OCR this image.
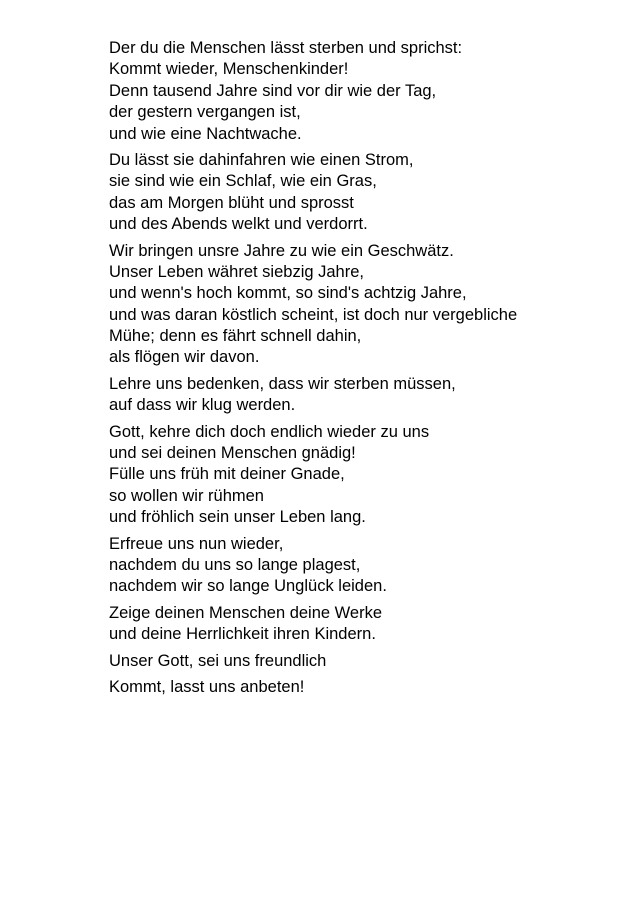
Der du die Menschen lässt sterben und sprichst:
Kommt wieder, Menschenkinder!
Denn tausend Jahre sind vor dir wie der Tag,
der gestern vergangen ist,
und wie eine Nachtwache.
Du lässt sie dahinfahren wie einen Strom,
sie sind wie ein Schlaf, wie ein Gras,
das am Morgen blüht und sprosst
und des Abends welkt und verdorrt.
Wir bringen unsre Jahre zu wie ein Geschwätz.
Unser Leben währet siebzig Jahre,
und wenn's hoch kommt, so sind's achtzig Jahre,
und was daran köstlich scheint, ist doch nur vergebliche
Mühe; denn es fährt schnell dahin,
als flögen wir davon.
Lehre uns bedenken, dass wir sterben müssen,
auf dass wir klug werden.
Gott, kehre dich doch endlich wieder zu uns
und sei deinen Menschen gnädig!
Fülle uns früh mit deiner Gnade,
so wollen wir rühmen
und fröhlich sein unser Leben lang.
Erfreue uns nun wieder,
nachdem du uns so lange plagest,
nachdem wir so lange Unglück leiden.
Zeige deinen Menschen deine Werke
und deine Herrlichkeit ihren Kindern.
Unser Gott, sei uns freundlich
Kommt, lasst uns anbeten!
